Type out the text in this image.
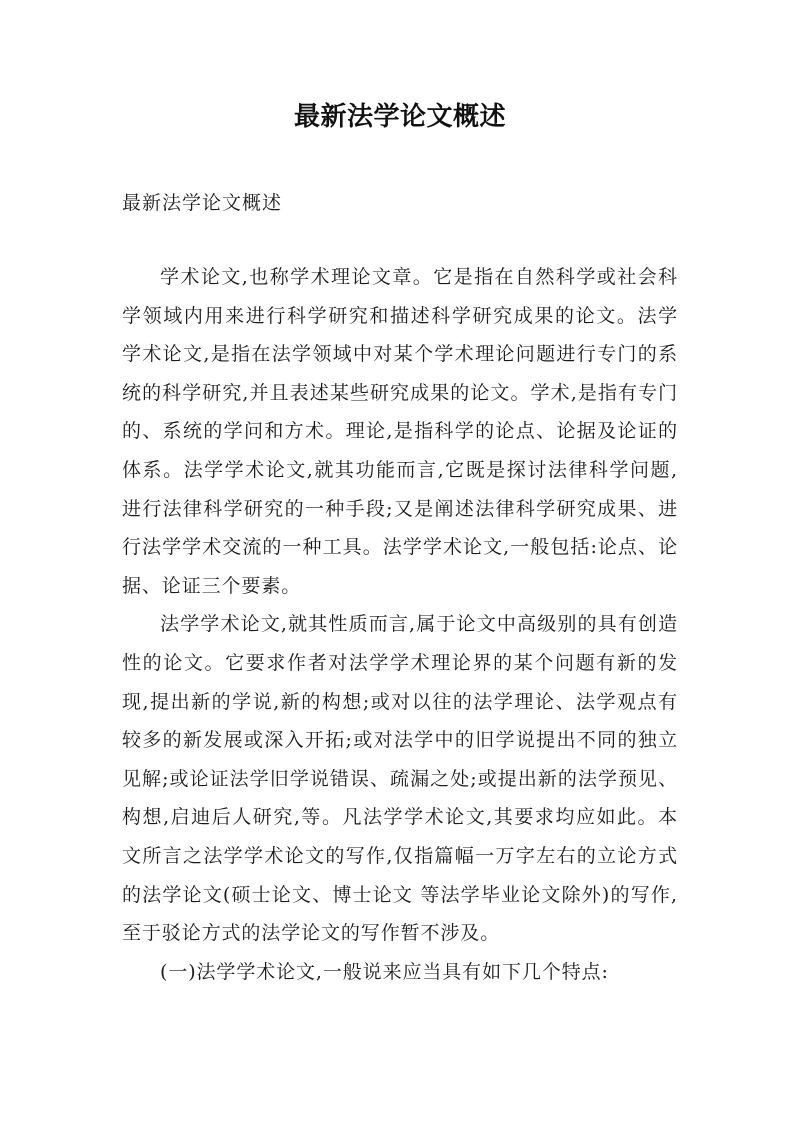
最新法学论文概述
最新法学论文概述

学术论文,也称学术理论文章。它是指在自然科学或社会科学领域内用来进行科学研究和描述科学研究成果的论文。法学学术论文,是指在法学领域中对某个学术理论问题进行专门的系统的科学研究,并且表述某些研究成果的论文。学术,是指有专门的、系统的学问和方术。理论,是指科学的论点、论据及论证的体系。法学学术论文,就其功能而言,它既是探讨法律科学问题,进行法律科学研究的一种手段;又是阐述法律科学研究成果、进行法学学术交流的一种工具。法学学术论文,一般包括:论点、论据、论证三个要素。

法学学术论文,就其性质而言,属于论文中高级别的具有创造性的论文。它要求作者对法学学术理论界的某个问题有新的发现,提出新的学说,新的构想;或对以往的法学理论、法学观点有较多的新发展或深入开拓;或对法学中的旧学说提出不同的独立见解;或论证法学旧学说错误、疏漏之处;或提出新的法学预见、构想,启迪后人研究,等。凡法学学术论文,其要求均应如此。本文所言之法学学术论文的写作,仅指篇幅一万字左右的立论方式的法学论文(硕士论文、博士论文 等法学毕业论文除外)的写作,至于驳论方式的法学论文的写作暂不涉及。

(一)法学学术论文,一般说来应当具有如下几个特点:
